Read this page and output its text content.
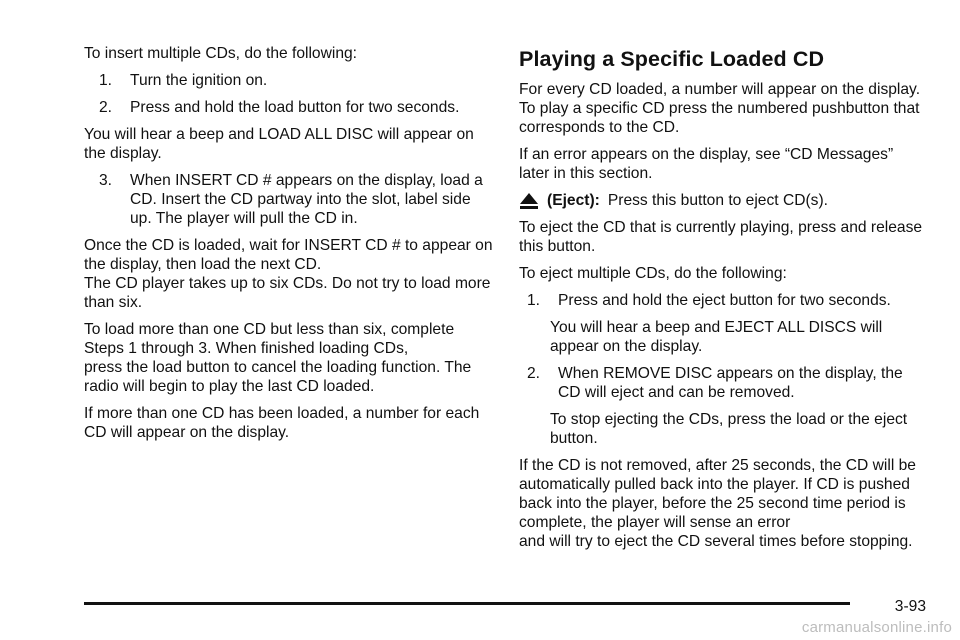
To insert multiple CDs, do the following:

1. Turn the ignition on.
2. Press and hold the load button for two seconds.

You will hear a beep and LOAD ALL DISC will appear on the display.

3. When INSERT CD # appears on the display, load a CD. Insert the CD partway into the slot, label side up. The player will pull the CD in.

Once the CD is loaded, wait for INSERT CD # to appear on the display, then load the next CD.
The CD player takes up to six CDs. Do not try to load more than six.

To load more than one CD but less than six, complete Steps 1 through 3. When finished loading CDs,
press the load button to cancel the loading function. The radio will begin to play the last CD loaded.

If more than one CD has been loaded, a number for each CD will appear on the display.

Playing a Specific Loaded CD

For every CD loaded, a number will appear on the display. To play a specific CD press the numbered pushbutton that corresponds to the CD.

If an error appears on the display, see “CD Messages” later in this section.

(Eject): Press this button to eject CD(s).

To eject the CD that is currently playing, press and release this button.

To eject multiple CDs, do the following:

1. Press and hold the eject button for two seconds.

You will hear a beep and EJECT ALL DISCS will appear on the display.

2. When REMOVE DISC appears on the display, the CD will eject and can be removed.

To stop ejecting the CDs, press the load or the eject button.

If the CD is not removed, after 25 seconds, the CD will be automatically pulled back into the player. If CD is pushed back into the player, before the 25 second time period is complete, the player will sense an error
and will try to eject the CD several times before stopping.

3-93
carmanualsonline.info
